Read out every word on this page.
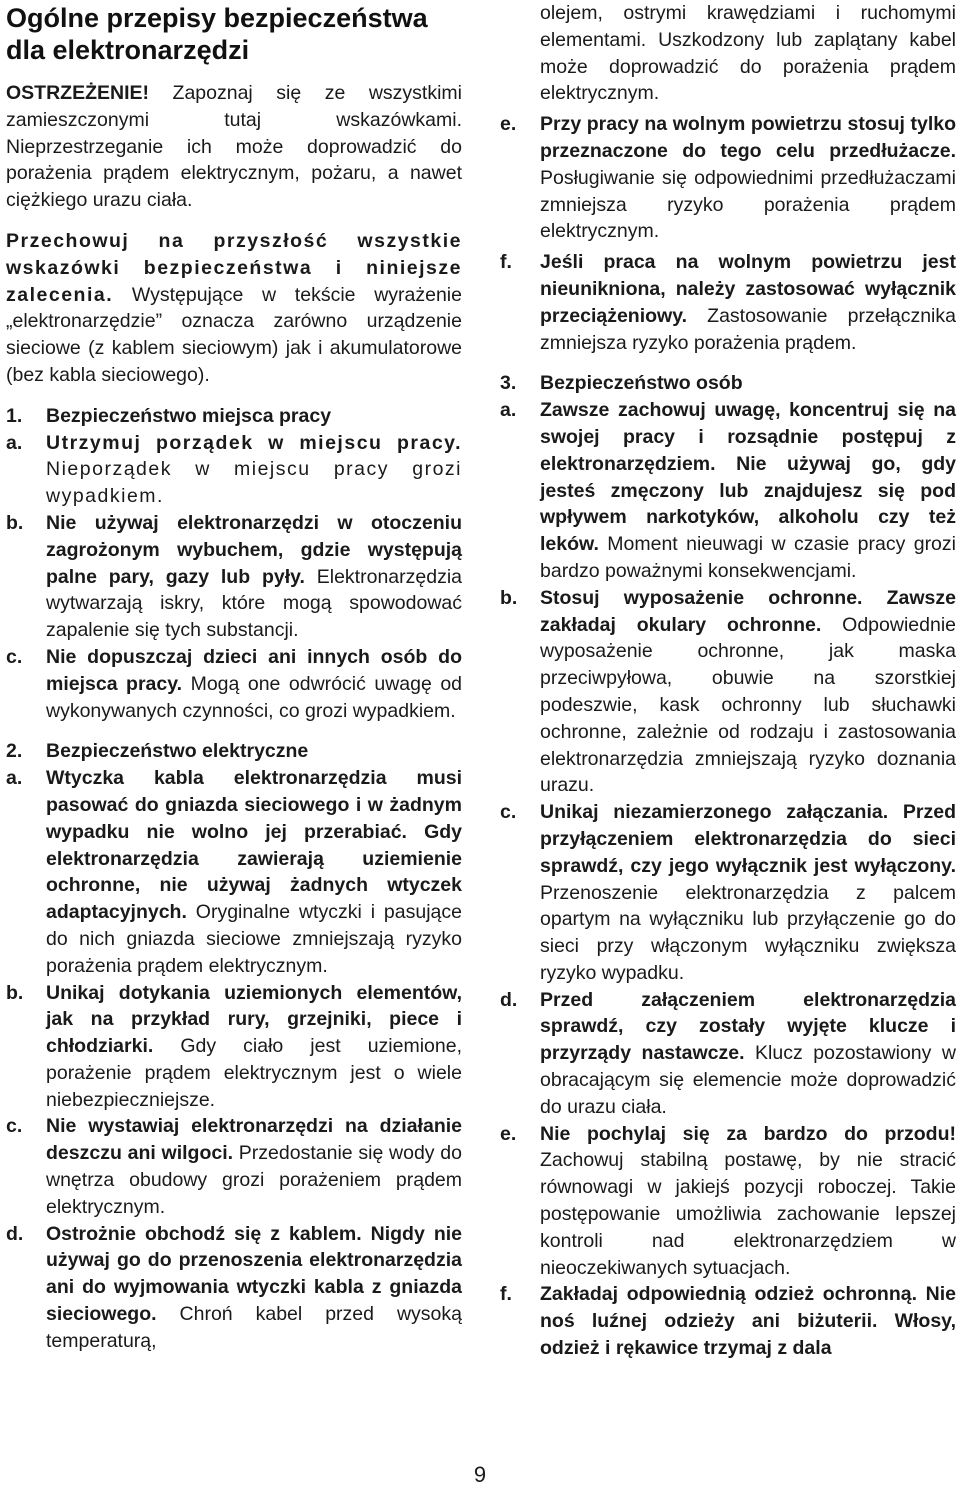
Ogólne przepisy bezpieczeństwa dla elektronarzędzi

OSTRZEŻENIE! Zapoznaj się ze wszystkimi zamieszczonymi tutaj wskazówkami. Nieprzestrzeganie ich może doprowadzić do porażenia prądem elektrycznym, pożaru, a nawet ciężkiego urazu ciała.

Przechowuj na przyszłość wszystkie wskazówki bezpieczeństwa i niniejsze zalecenia. Występujące w tekście wyrażenie „elektronarzędzie” oznacza zarówno urządzenie sieciowe (z kablem sieciowym) jak i akumulatorowe (bez kabla sieciowego).

1.	Bezpieczeństwo miejsca pracy
a.	Utrzymuj porządek w miejscu pracy. Nieporządek w miejscu pracy grozi wypadkiem.
b.	Nie używaj elektronarzędzi w otoczeniu zagrożonym wybuchem, gdzie występują palne pary, gazy lub pyły. Elektronarzędzia wytwarzają iskry, które mogą spowodować zapalenie się tych substancji.
c.	Nie dopuszczaj dzieci ani innych osób do miejsca pracy. Mogą one odwrócić uwagę od wykonywanych czynności, co grozi wypadkiem.
2.	Bezpieczeństwo elektryczne
a.	Wtyczka kabla elektronarzędzia musi pasować do gniazda sieciowego i w żadnym wypadku nie wolno jej przerabiać. Gdy elektronarzędzia zawierają uziemienie ochronne, nie używaj żadnych wtyczek adaptacyjnych. Oryginalne wtyczki i pasujące do nich gniazda sieciowe zmniejszają ryzyko porażenia prądem elektrycznym.
b.	Unikaj dotykania uziemionych elementów, jak na przykład rury, grzejniki, piece i chłodziarki. Gdy ciało jest uziemione, porażenie prądem elektrycznym jest o wiele niebezpieczniejsze.
c.	Nie wystawiaj elektronarzędzi na działanie deszczu ani wilgoci. Przedostanie się wody do wnętrza obudowy grozi porażeniem prądem elektrycznym.
d.	Ostrożnie obchodź się z kablem. Nigdy nie używaj go do przenoszenia elektronarzędzia ani do wyjmowania wtyczki kabla z gniazda sieciowego. Chroń kabel przed wysoką temperaturą,

olejem, ostrymi krawędziami i ruchomymi elementami. Uszkodzony lub zaplątany kabel może doprowadzić do porażenia prądem elektrycznym.

e.	Przy pracy na wolnym powietrzu stosuj tylko przeznaczone do tego celu przedłużacze. Posługiwanie się odpowiednimi przedłużaczami zmniejsza ryzyko porażenia prądem elektrycznym.
f.	Jeśli praca na wolnym powietrzu jest nieunikniona, należy zastosować wyłącznik przeciążeniowy. Zastosowanie przełącznika zmniejsza ryzyko porażenia prądem.
3.	Bezpieczeństwo osób
a.	Zawsze zachowuj uwagę, koncentruj się na swojej pracy i rozsądnie postępuj z elektronarzędziem. Nie używaj go, gdy jesteś zmęczony lub znajdujesz się pod wpływem narkotyków, alkoholu czy też leków. Moment nieuwagi w czasie pracy grozi bardzo poważnymi konsekwencjami.
b.	Stosuj wyposażenie ochronne. Zawsze zakładaj okulary ochronne. Odpowiednie wyposażenie ochronne, jak maska przeciwpyłowa, obuwie na szorstkiej podeszwie, kask ochronny lub słuchawki ochronne, zależnie od rodzaju i zastosowania elektronarzędzia zmniejszają ryzyko doznania urazu.
c.	Unikaj niezamierzonego załączania. Przed przyłączeniem elektronarzędzia do sieci sprawdź, czy jego wyłącznik jest wyłączony. Przenoszenie elektronarzędzia z palcem opartym na wyłączniku lub przyłączenie go do sieci przy włączonym wyłączniku zwiększa ryzyko wypadku.
d.	Przed załączeniem elektronarzędzia sprawdź, czy zostały wyjęte klucze i przyrządy nastawcze. Klucz pozostawiony w obracającym się elemencie może doprowadzić do urazu ciała.
e.	Nie pochylaj się za bardzo do przodu! Zachowuj stabilną postawę, by nie stracić równowagi w jakiejś pozycji roboczej. Takie postępowanie umożliwia zachowanie lepszej kontroli nad elektronarzędziem w nieoczekiwanych sytuacjach.
f.	Zakładaj odpowiednią odzież ochronną. Nie noś luźnej odzieży ani biżuterii. Włosy, odzież i rękawice trzymaj z dala
9
